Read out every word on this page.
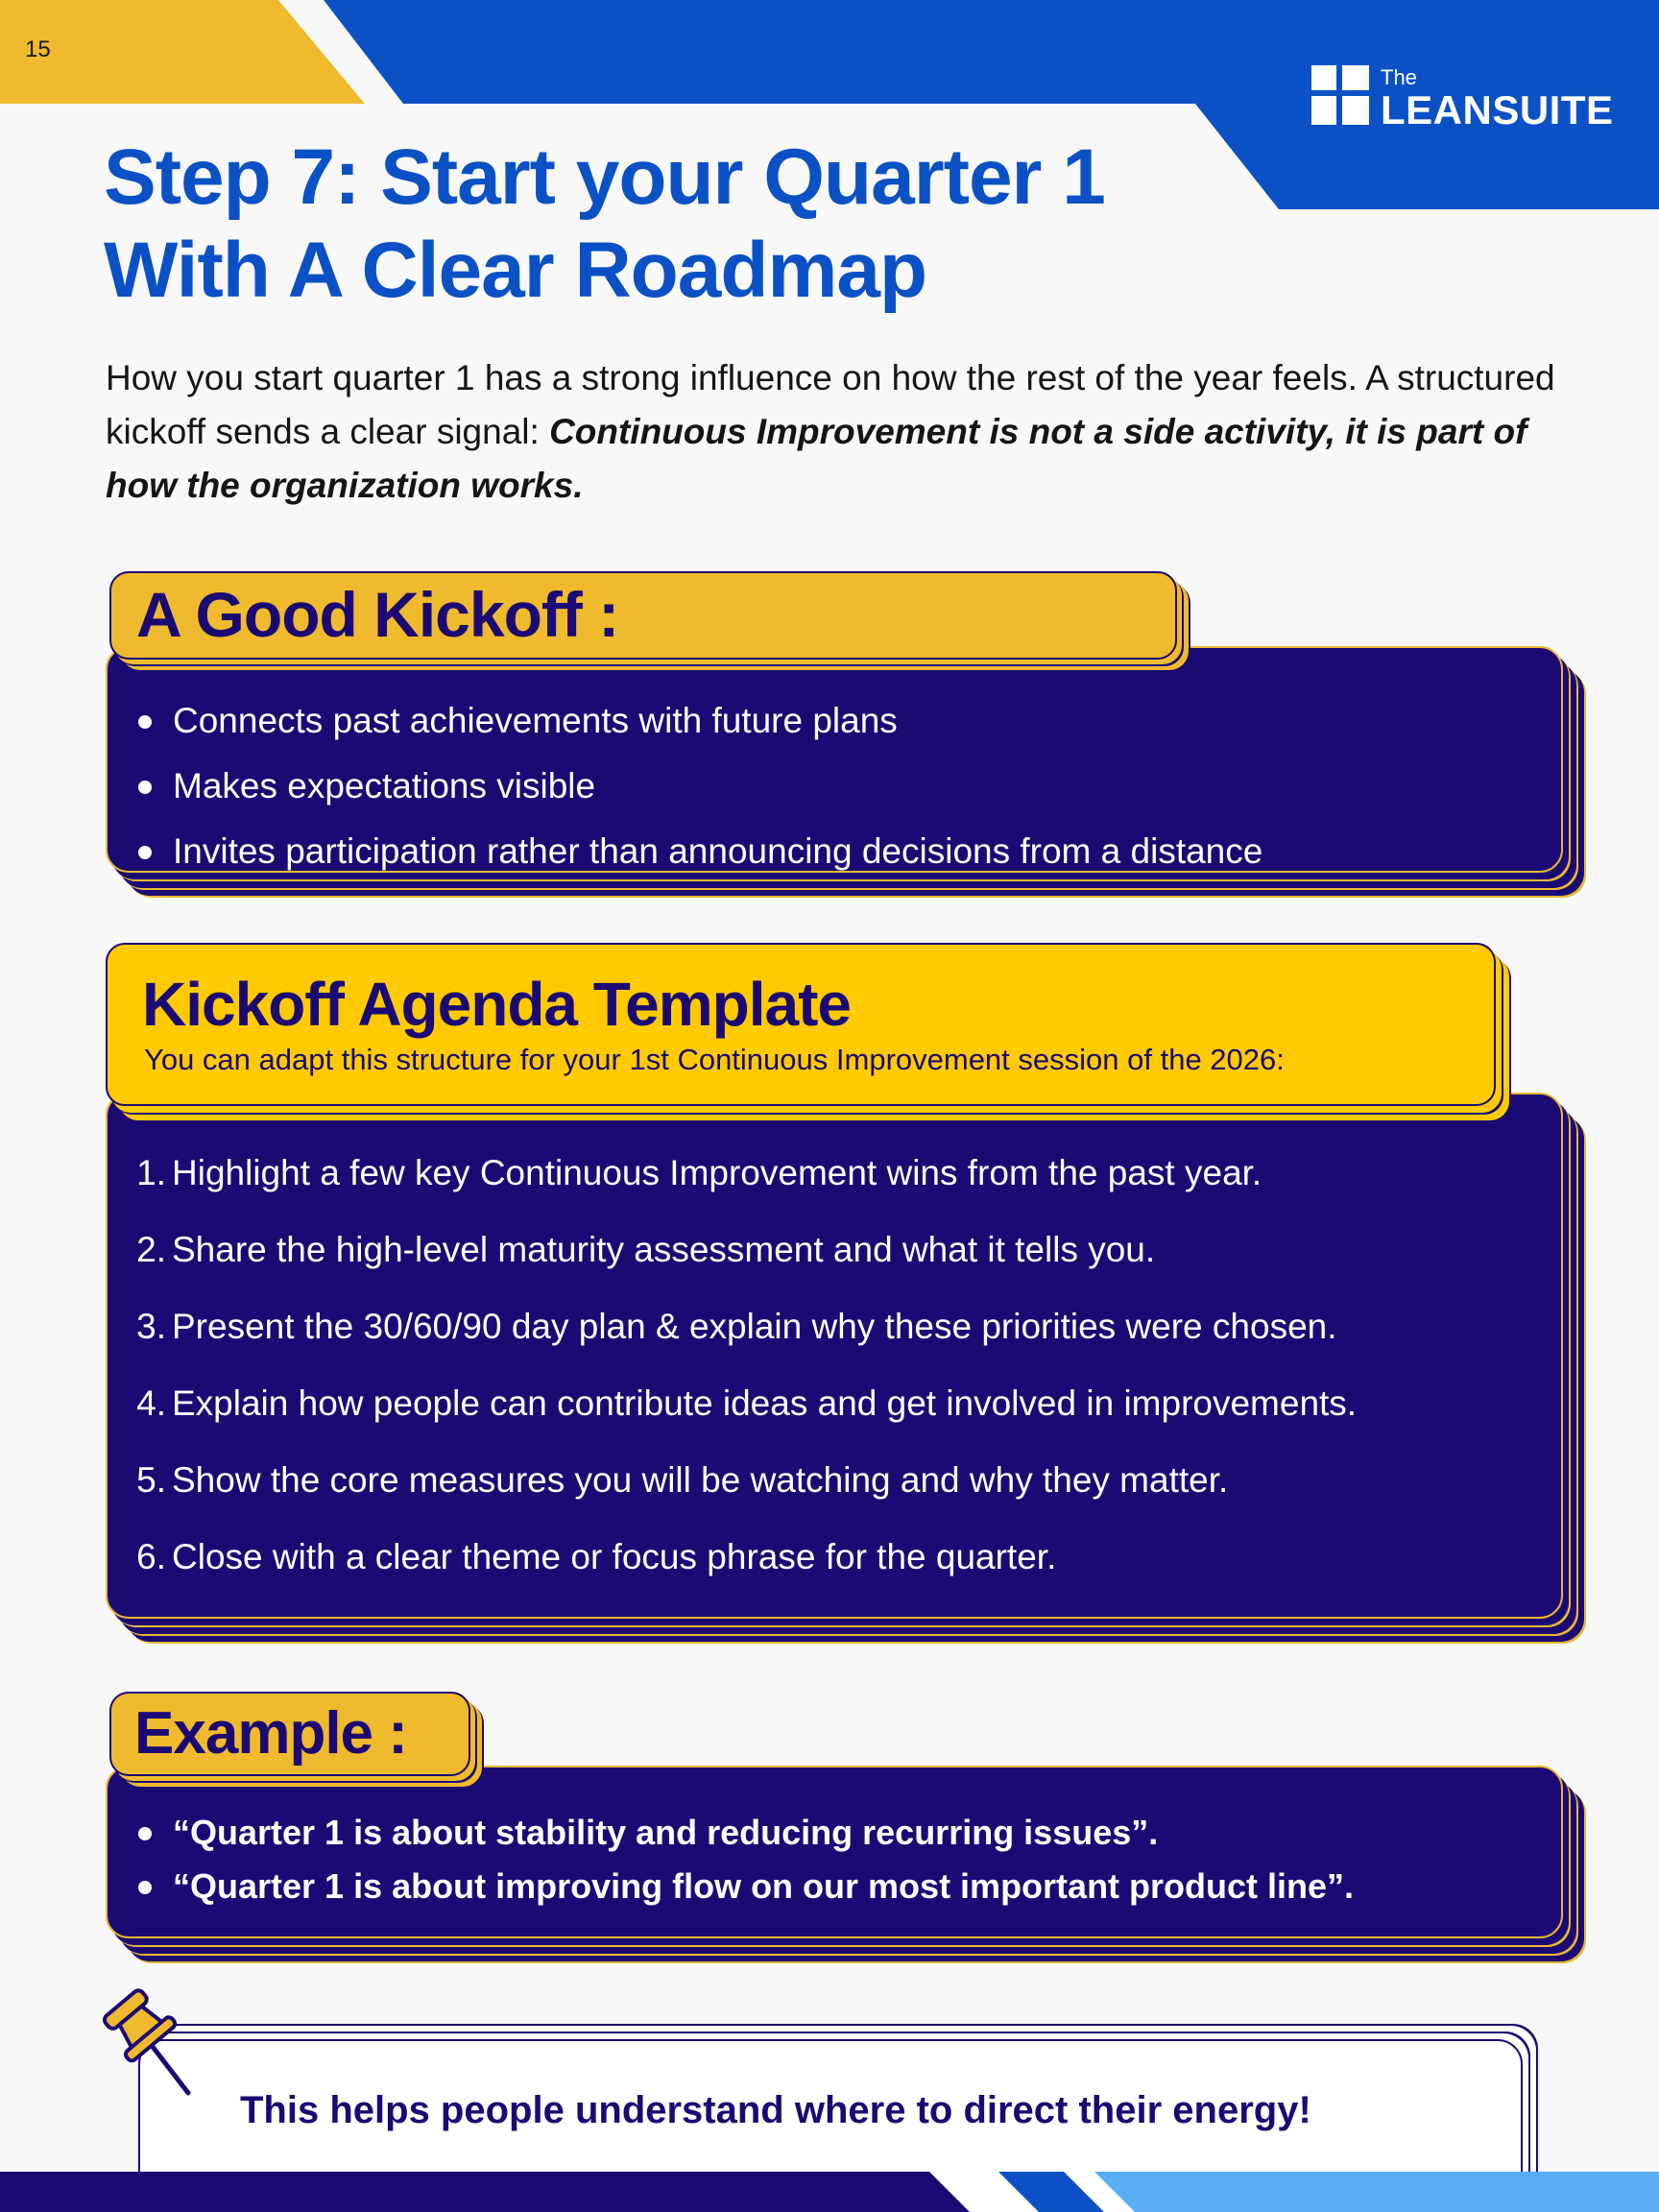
15
The
LEANSUITE
Step 7: Start your Quarter 1 With A Clear Roadmap

How you start quarter 1 has a strong influence on how the rest of the year feels. A structured kickoff sends a clear signal: Continuous Improvement is not a side activity, it is part of how the organization works.

Connects past achievements with future plans
Makes expectations visible
Invites participation rather than announcing decisions from a distance
A Good Kickoff :
1. Highlight a few key Continuous Improvement wins from the past year.
2. Share the high-level maturity assessment and what it tells you.
3. Present the 30/60/90 day plan & explain why these priorities were chosen.
4. Explain how people can contribute ideas and get involved in improvements.
5. Show the core measures you will be watching and why they matter.
6. Close with a clear theme or focus phrase for the quarter.
Kickoff Agenda Template
You can adapt this structure for your 1st Continuous Improvement session of the 2026:
“Quarter 1 is about stability and reducing recurring issues”.
“Quarter 1 is about improving flow on our most important product line”.
Example :
This helps people understand where to direct their energy!
